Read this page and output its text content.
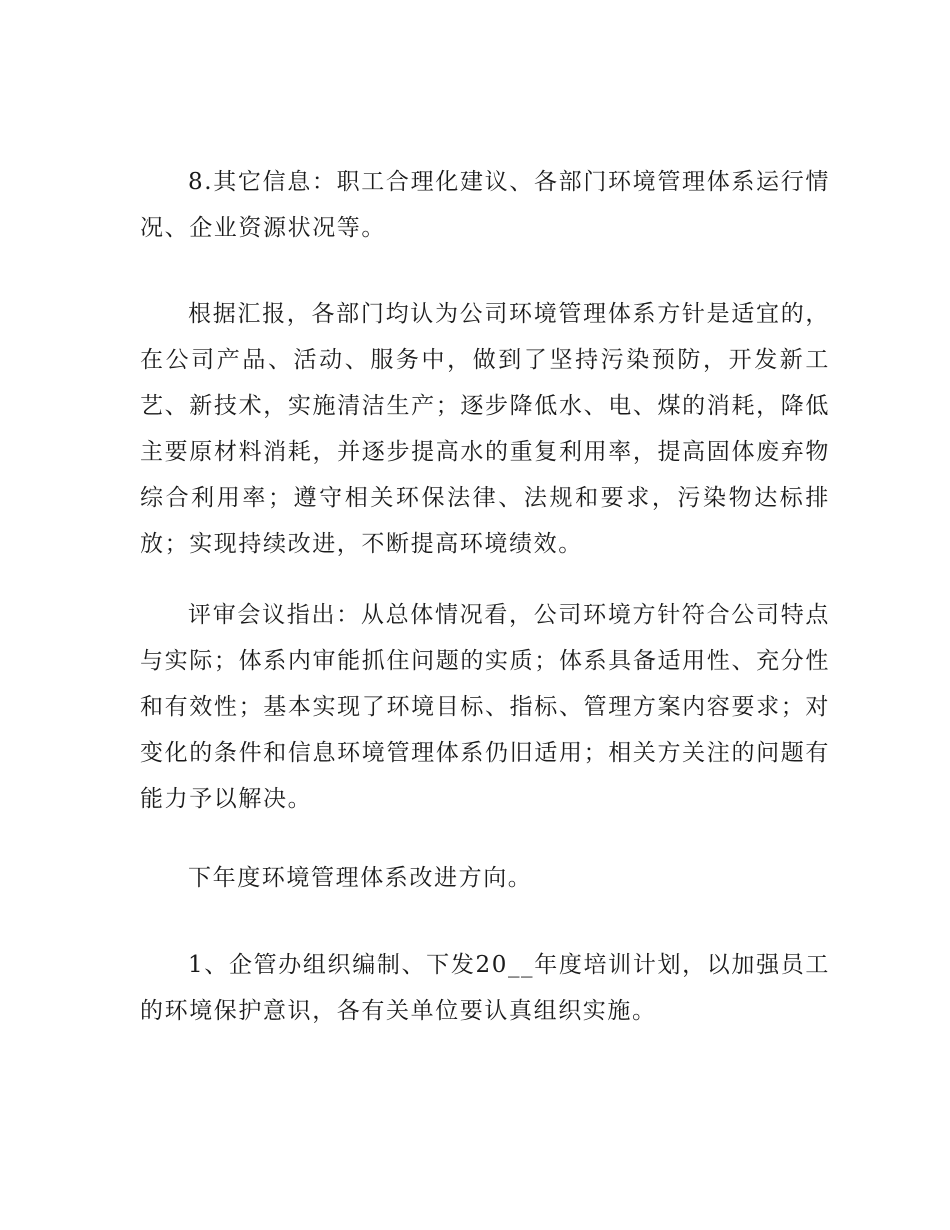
8.其它信息：职工合理化建议、各部门环境管理体系运行情况、企业资源状况等。

根据汇报，各部门均认为公司环境管理体系方针是适宜的，在公司产品、活动、服务中，做到了坚持污染预防，开发新工艺、新技术，实施清洁生产；逐步降低水、电、煤的消耗，降低主要原材料消耗，并逐步提高水的重复利用率，提高固体废弃物综合利用率；遵守相关环保法律、法规和要求，污染物达标排放；实现持续改进，不断提高环境绩效。

评审会议指出：从总体情况看，公司环境方针符合公司特点与实际；体系内审能抓住问题的实质；体系具备适用性、充分性和有效性；基本实现了环境目标、指标、管理方案内容要求；对变化的条件和信息环境管理体系仍旧适用；相关方关注的问题有能力予以解决。

下年度环境管理体系改进方向。

1、企管办组织编制、下发20__年度培训计划，以加强员工的环境保护意识，各有关单位要认真组织实施。
